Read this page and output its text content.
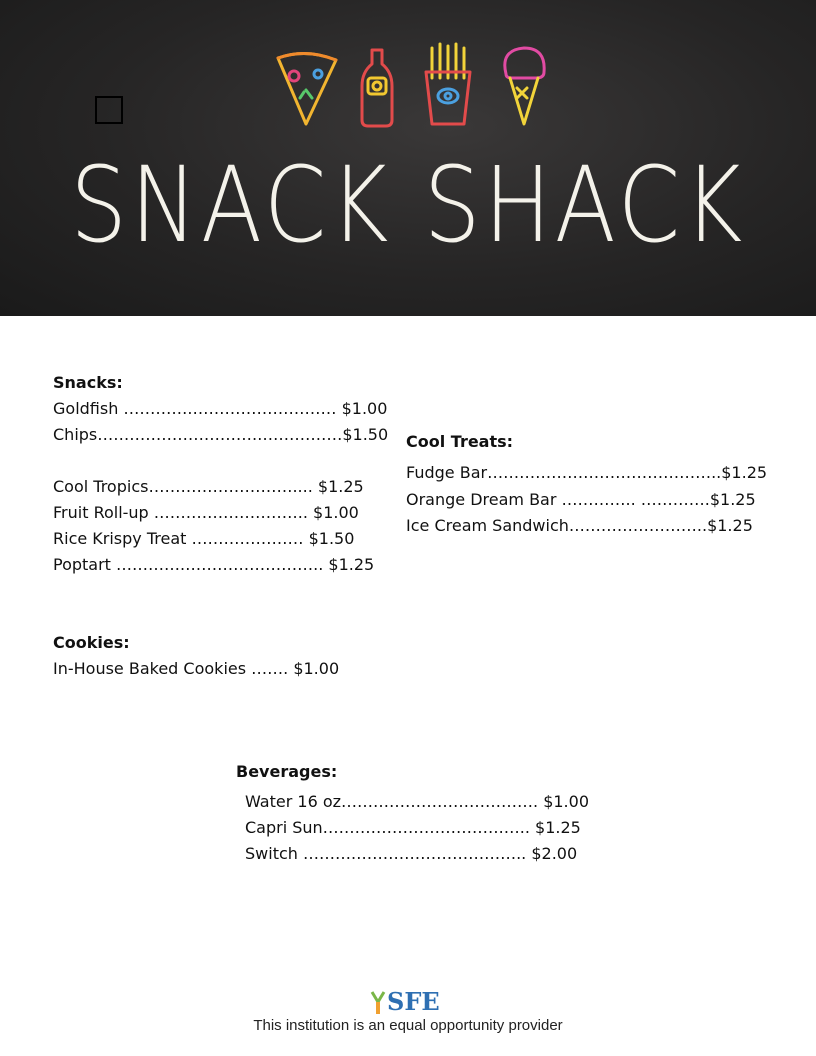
SNACK SHACK
Snacks:
Goldfish ………….……………………… $1.00
Chips………………………….……………$1.50
Cool Tropics……………………….... $1.25
Fruit Roll-up ……………………….. $1.00
Rice Krispy Treat ………………… $1.50
Poptart ………….…………………….. $1.25
Cookies:
In-House Baked Cookies ……. $1.00
Cool Treats:
Fudge Bar……………………………………..$1.25
Orange Dream Bar ………….. ………….$1.25
Ice Cream Sandwich……………………..$1.25
Beverages:
Water 16 oz………………………………. $1.00
Capri Sun…………………………….….. $1.25
Switch ……….………………………….. $2.00
SFE
This institution is an equal opportunity provider
